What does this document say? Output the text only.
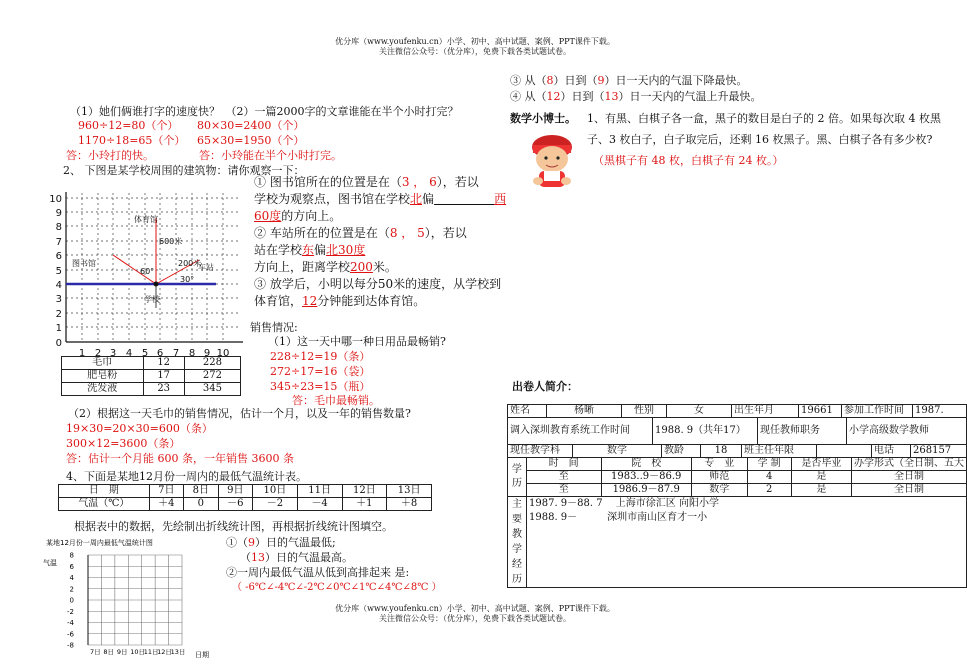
优分库（www.youfenku.cn）小学、初中、高中试题、案例、PPT课件下载。
关注微信公众号：（优分库），免费下载各类试题试卷。
优分库（www.youfenku.cn）小学、初中、高中试题、案例、PPT课件下载。
关注微信公众号：（优分库），免费下载各类试题试卷。
（1）她们俩谁打字的速度快？　（2）一篇2000字的文章谁能在半个小时打完？
960÷12=80（个）
1170÷18=65（个）
答：小玲打的快。
80×30=2400（个）
65×30=1950（个）
答：小玲能在半个小时打完。
2、 下图是某学校周围的建筑物：请你观察一下：
体育馆
图书馆	车站
学校
600米
200米
60°
30°
10
9
8
7
6
5
4
3
2
1
0
1 2 3 4 5 6 7 8 9 10
① 图书馆所在的位置是在（3 ， 6），若以
学校为观察点，图书馆在学校北偏　　　　　	西
60度的方向上。
② 车站所在的位置是在（8 ， 5），若以
站在学校东偏北30度
方向上，距离学校200米。
③ 放学后，小明以每分50米的速度，从学校到
体育馆，12分钟能到达体育馆。
销售情况:
（1）这一天中哪一种日用品最畅销?
228÷12=19（条）
272÷17=16（袋）
345÷23=15（瓶）
答：毛巾最畅销。
毛巾	12	228
肥皂粉	17	272
洗发液	23	345
（2）根据这一天毛巾的销售情况，估计一个月，以及一年的销售数量?
19×30=20×30=600（条）
300×12=3600（条）
答：估计一个月能 600 条，一年销售 3600 条
4、下面是某地12月份一周内的最低气温统计表。
日　期	7日	8日	9日	10日	11日	12日	13日
气温（℃）	＋4	0	－6	－2	－4	＋1	＋8
根据表中的数据，先绘制出折线统计图，再根据折线统计图填空。
某地12月份一周内最低气温统计图
气温
日期
8
6
4
2
0
-2
-4
-6
-8
7日 8日 9日 10日
11日
12日
13日
①（9）日的气温最低;
（13）日的气温最高。
②一周内最低气温从低到高排起来 是:
（ -6℃∠-4℃∠-2℃∠0℃∠1℃∠4℃∠8℃ ）
③ 从（8）日到（9）日一天内的气温下降最快。
④ 从（12）日到（13）日一天内的气温上升最快。
数学小博士。 1、有黑、白棋子各一盒，黑子的数目是白子的 2 倍。如果每次取 4 枚黑
子、3 枚白子，白子取完后，还剩 16 枚黑子。黑、白棋子各有多少枚?
（黑棋子有 48 枚，白棋子有 24 枚。）
出卷人简介：
姓名	杨晰	性别	女	出生年月	19661	参加工作时间	1987.
调入深圳教育系统工作时间	1988. 9（共年17）	现任教师职务	小学高级数学教师
现任教学科	数学	教龄	18	班主任年限		电话	268157
学历	时　间	院　校	专　业	学 制	是否毕业	办学形式（全日制、五大
	至	1983..9－86.9	师范	4	是	全日制
	至	1986.9－87.9	数学	2	是	全日制
主要教学经历	
1987. 9－88. 7　 上海市徐汇区 向阳小学
1988. 9－　　　深圳市南山区育才一小
